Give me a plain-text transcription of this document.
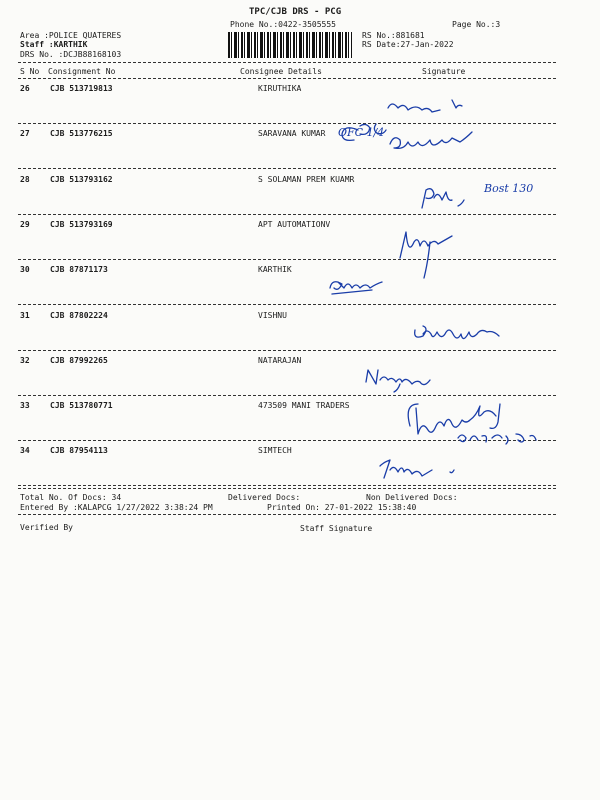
TPC/CJB DRS - PCG
Phone No.:0422-3505555	Page No.:3
Area :POLICE QUATERES
Staff :KARTHIK
DRS No. :DCJB88168103
RS No.:881681
RS Date:27-Jan-2022
S No Consignment No	Consignee Details	Signature
26	CJB 513719813	KIRUTHIKA
27	CJB 513776215	SARAVANA KUMAR
28	CJB 513793162	S SOLAMAN PREM KUAMR
29	CJB 513793169	APT AUTOMATIONV
30	CJB 87871173	KARTHIK
31	CJB 87802224	VISHNU
32	CJB 87992265	NATARAJAN
33	CJB 513780771	473509 MANI TRADERS
34	CJB 87954113	SIMTECH
OFC 1/4
Bost 130
Total No. Of Docs: 34	Delivered Docs:	Non Delivered Docs:
Entered By :KALAPCG 1/27/2022 3:38:24 PM	Printed On: 27-01-2022 15:38:40
Verified By	Staff Signature
